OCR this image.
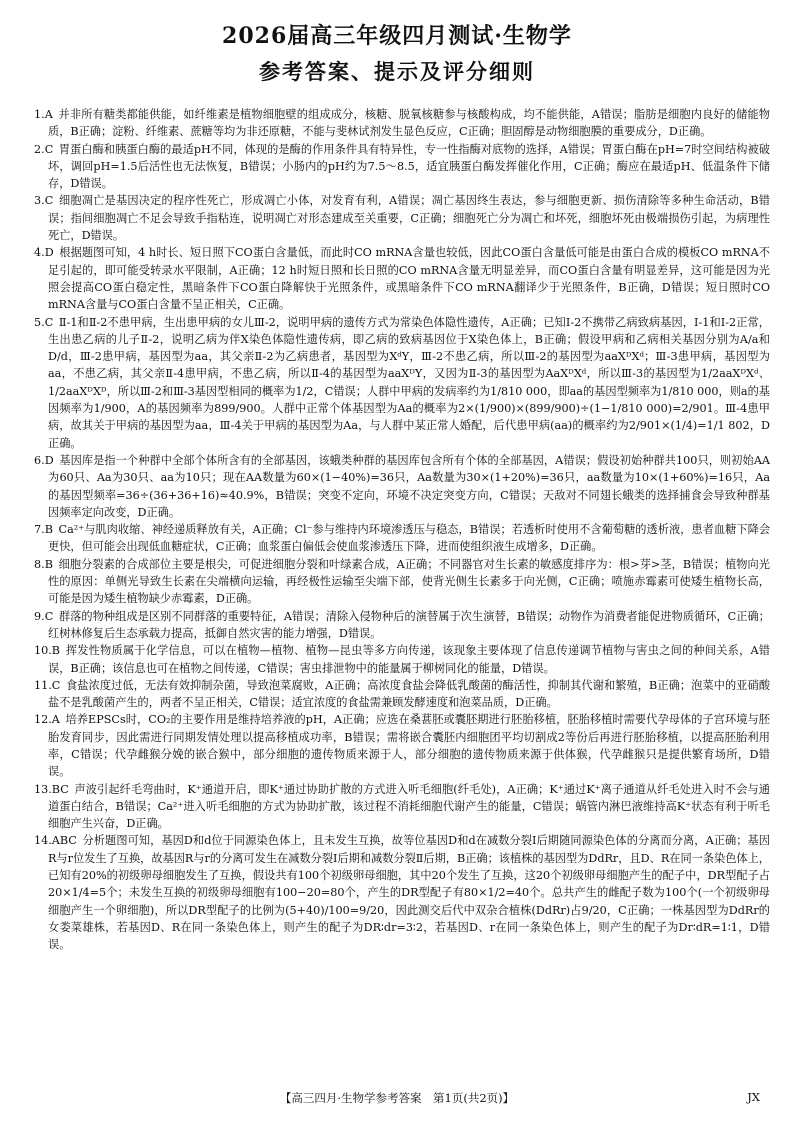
2026届高三年级四月测试·生物学
参考答案、提示及评分细则

1.A 并非所有糖类都能供能，如纤维素是植物细胞壁的组成成分，核糖、脱氧核糖参与核酸构成，均不能供能，A错误；脂肪是细胞内良好的储能物质，B正确；淀粉、纤维素、蔗糖等均为非还原糖，不能与斐林试剂发生显色反应，C正确；胆固醇是动物细胞膜的重要成分，D正确。

2.C 胃蛋白酶和胰蛋白酶的最适pH不同，体现的是酶的作用条件具有特异性，专一性指酶对底物的选择，A错误；胃蛋白酶在pH=7时空间结构被破坏，调回pH=1.5后活性也无法恢复，B错误；小肠内的pH约为7.5～8.5，适宜胰蛋白酶发挥催化作用，C正确；酶应在最适pH、低温条件下储存，D错误。

3.C 细胞凋亡是基因决定的程序性死亡，形成凋亡小体，对发育有利，A错误；凋亡基因终生表达，参与细胞更新、损伤清除等多种生命活动，B错误；指间细胞凋亡不足会导致手指粘连，说明凋亡对形态建成至关重要，C正确；细胞死亡分为凋亡和坏死，细胞坏死由极端损伤引起，为病理性死亡，D错误。

4.D 根据题图可知，4 h时长、短日照下CO蛋白含量低，而此时CO mRNA含量也较低，因此CO蛋白含量低可能是由蛋白合成的模板CO mRNA不足引起的，即可能受转录水平限制，A正确；12 h时短日照和长日照的CO mRNA含量无明显差异，而CO蛋白含量有明显差异，这可能是因为光照会提高CO蛋白稳定性，黑暗条件下CO蛋白降解快于光照条件，或黑暗条件下CO mRNA翻译少于光照条件，B正确，D错误；短日照时CO mRNA含量与CO蛋白含量不呈正相关，C正确。

5.C Ⅱ-1和Ⅱ-2不患甲病，生出患甲病的女儿Ⅲ-2，说明甲病的遗传方式为常染色体隐性遗传，A正确；已知Ⅰ-2不携带乙病致病基因，Ⅰ-1和Ⅰ-2正常，生出患乙病的儿子Ⅱ-2，说明乙病为伴X染色体隐性遗传病，即乙病的致病基因位于X染色体上，B正确；假设甲病和乙病相关基因分别为A/a和D/d，Ⅲ-2患甲病，基因型为aa，其父亲Ⅱ-2为乙病患者，基因型为XᵈY，Ⅲ-2不患乙病，所以Ⅲ-2的基因型为aaXᴰXᵈ；Ⅲ-3患甲病，基因型为aa，不患乙病，其父亲Ⅱ-4患甲病，不患乙病，所以Ⅱ-4的基因型为aaXᴰY，又因为Ⅱ-3的基因型为AaXᴰXᵈ，所以Ⅲ-3的基因型为1/2aaXᴰXᵈ、1/2aaXᴰXᴰ，所以Ⅲ-2和Ⅲ-3基因型相同的概率为1/2，C错误；人群中甲病的发病率约为1/810 000，即aa的基因型频率为1/810 000，则a的基因频率为1/900，A的基因频率为899/900。人群中正常个体基因型为Aa的概率为2×(1/900)×(899/900)÷(1−1/810 000)=2/901。Ⅲ-4患甲病，故其关于甲病的基因型为aa，Ⅲ-4关于甲病的基因型为Aa，与人群中某正常人婚配，后代患甲病(aa)的概率约为2/901×(1/4)=1/1 802，D正确。

6.D 基因库是指一个种群中全部个体所含有的全部基因，该蛾类种群的基因库包含所有个体的全部基因，A错误；假设初始种群共100只，则初始AA为60只、Aa为30只、aa为10只；现在AA数量为60×(1−40%)=36只，Aa数量为30×(1+20%)=36只，aa数量为10×(1+60%)=16只，Aa的基因型频率=36÷(36+36+16)≈40.9%，B错误；突变不定向，环境不决定突变方向，C错误；天敌对不同翅长蛾类的选择捕食会导致种群基因频率定向改变，D正确。

7.B Ca²⁺与肌肉收缩、神经递质释放有关，A正确；Cl⁻参与维持内环境渗透压与稳态，B错误；若透析时使用不含葡萄糖的透析液，患者血糖下降会更快，但可能会出现低血糖症状，C正确；血浆蛋白偏低会使血浆渗透压下降，进而使组织液生成增多，D正确。

8.B 细胞分裂素的合成部位主要是根尖，可促进细胞分裂和叶绿素合成，A正确；不同器官对生长素的敏感度排序为：根>芽>茎，B错误；植物向光性的原因：单侧光导致生长素在尖端横向运输，再经极性运输至尖端下部，使背光侧生长素多于向光侧，C正确；喷施赤霉素可使矮生植物长高，可能是因为矮生植物缺少赤霉素，D正确。

9.C 群落的物种组成是区别不同群落的重要特征，A错误；清除入侵物种后的演替属于次生演替，B错误；动物作为消费者能促进物质循环，C正确；红树林修复后生态承载力提高，抵御自然灾害的能力增强，D错误。

10.B 挥发性物质属于化学信息，可以在植物—植物、植物—昆虫等多方向传递，该现象主要体现了信息传递调节植物与害虫之间的种间关系，A错误，B正确；该信息也可在植物之间传递，C错误；害虫排泄物中的能量属于柳树同化的能量，D错误。

11.C 食盐浓度过低，无法有效抑制杂菌，导致泡菜腐败，A正确；高浓度食盐会降低乳酸菌的酶活性，抑制其代谢和繁殖，B正确；泡菜中的亚硝酸盐不是乳酸菌产生的，两者不呈正相关，C错误；适宜浓度的食盐需兼顾发酵速度和泡菜品质，D正确。

12.A 培养EPSCs时，CO₂的主要作用是维持培养液的pH，A正确；应选在桑葚胚或囊胚期进行胚胎移植，胚胎移植时需要代孕母体的子宫环境与胚胎发育同步，因此需进行同期发情处理以提高移植成功率，B错误；需将嵌合囊胚内细胞团平均切割成2等份后再进行胚胎移植，以提高胚胎利用率，C错误；代孕雌猴分娩的嵌合猴中，部分细胞的遗传物质来源于人，部分细胞的遗传物质来源于供体猴，代孕雌猴只是提供繁育场所，D错误。

13.BC 声波引起纤毛弯曲时，K⁺通道开启，即K⁺通过协助扩散的方式进入听毛细胞(纤毛处)，A正确；K⁺通过K⁺离子通道从纤毛处进入时不会与通道蛋白结合，B错误；Ca²⁺进入听毛细胞的方式为协助扩散，该过程不消耗细胞代谢产生的能量，C错误；蜗管内淋巴液维持高K⁺状态有利于听毛细胞产生兴奋，D正确。

14.ABC 分析题图可知，基因D和d位于同源染色体上，且未发生互换，故等位基因D和d在减数分裂Ⅰ后期随同源染色体的分离而分离，A正确；基因R与r位发生了互换，故基因R与r的分离可发生在减数分裂Ⅰ后期和减数分裂Ⅱ后期，B正确；该植株的基因型为DdRr，且D、R在同一条染色体上，已知有20%的初级卵母细胞发生了互换，假设共有100个初级卵母细胞，其中20个发生了互换，这20个初级卵母细胞产生的配子中，DR型配子占20×1/4=5个；未发生互换的初级卵母细胞有100−20=80个，产生的DR型配子有80×1/2=40个。总共产生的雌配子数为100个(一个初级卵母细胞产生一个卵细胞)，所以DR型配子的比例为(5+40)/100=9/20，因此测交后代中双杂合植株(DdRr)占9/20，C正确；一株基因型为DdRr的女娄菜雄株，若基因D、R在同一条染色体上，则产生的配子为DR∶dr=3∶2，若基因D、r在同一条染色体上，则产生的配子为Dr∶dR=1∶1，D错误。

【高三四月·生物学参考答案　第1页(共2页)】	JX
